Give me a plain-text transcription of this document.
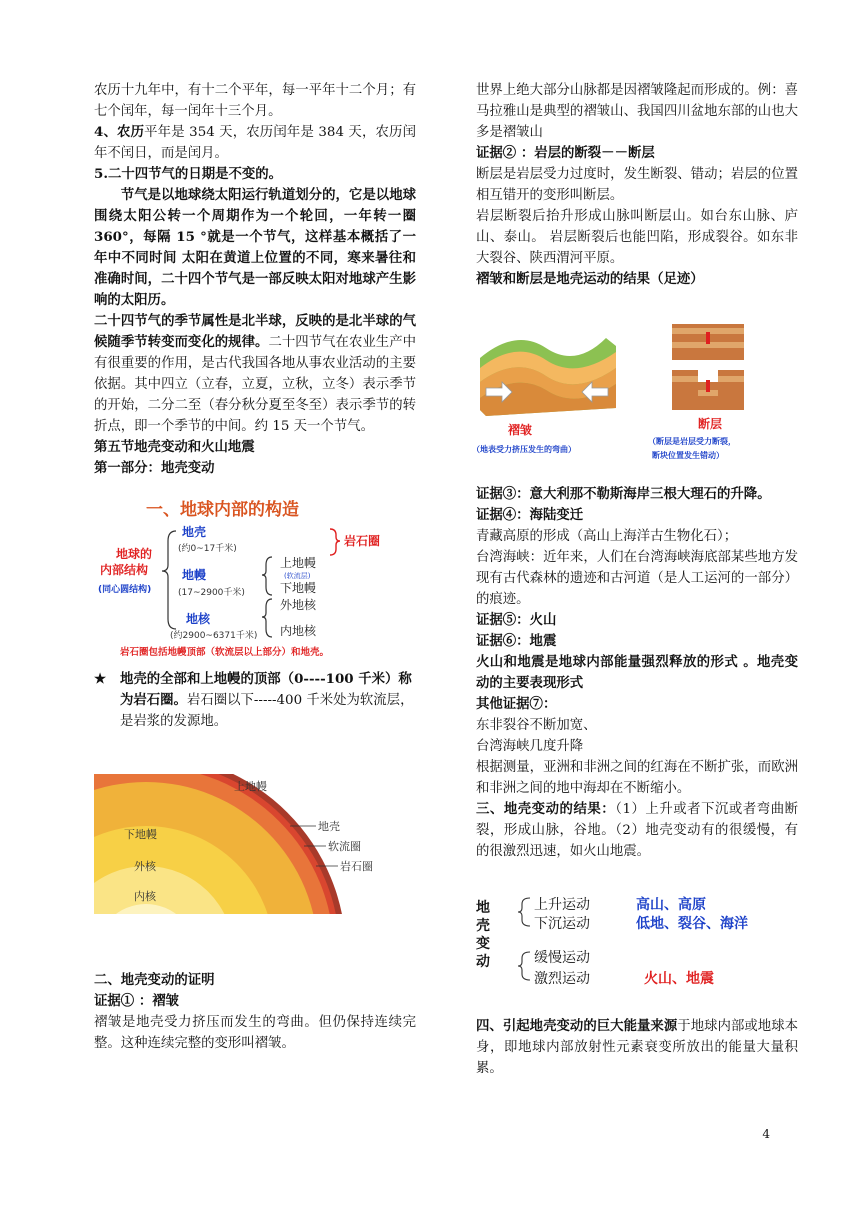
农历十九年中，有十二个平年，每一平年十二个月；有七个闰年，每一闰年十三个月。

4、农历平年是 354 天，农历闰年是 384 天，农历闰年不闰日，而是闰月。

5.二十四节气的日期是不变的。

节气是以地球绕太阳运行轨道划分的，它是以地球围绕太阳公转一个周期作为一个轮回，一年转一圈 360°，每隔 15 °就是一个节气，这样基本概括了一年中不同时间 太阳在黄道上位置的不同，寒来暑往和准确时间，二十四个节气是一部反映太阳对地球产生影响的太阳历。

二十四节气的季节属性是北半球，反映的是北半球的气候随季节转变而变化的规律。二十四节气在农业生产中有很重要的作用，是古代我国各地从事农业活动的主要依据。其中四立（立春，立夏，立秋，立冬）表示季节的开始，二分二至（春分秋分夏至冬至）表示季节的转折点，即一个季节的中间。约 15 天一个节气。

第五节地壳变动和火山地震

第一部分：地壳变动

一、地球内部的构造
地球的
内部结构
(同心圆结构)
地壳
(约0~17千米)
地幔
(17~2900千米)
地核
(约2900~6371千米)
上地幔
(软流层)
下地幔
外地核
内地核
岩石圈
岩石圈包括地幔顶部（软流层以上部分）和地壳。
★	地壳的全部和上地幔的顶部（0----100 千米）称为岩石圈。岩石圈以下-----400 千米处为软流层，是岩浆的发源地。
上地幔
下地幔
外核
内核
地壳
软流圈
岩石圈

二、地壳变动的证明

证据① ：褶皱

褶皱是地壳受力挤压而发生的弯曲。但仍保持连续完整。这种连续完整的变形叫褶皱。

世界上绝大部分山脉都是因褶皱隆起而形成的。例：喜马拉雅山是典型的褶皱山、我国四川盆地东部的山也大多是褶皱山

证据② ：岩层的断裂－－断层

断层是岩层受力过度时，发生断裂、错动；岩层的位置相互错开的变形叫断层。

岩层断裂后抬升形成山脉叫断层山。如台东山脉、庐山、泰山。 岩层断裂后也能凹陷，形成裂谷。如东非大裂谷、陕西渭河平原。

褶皱和断层是地壳运动的结果（足迹）

褶皱
（地表受力挤压发生的弯曲）
断层
（断层是岩层受力断裂，
断块位置发生错动）

证据③：意大利那不勒斯海岸三根大理石的升降。

证据④：海陆变迁

青藏高原的形成（高山上海洋古生物化石）；

台湾海峡：近年来，人们在台湾海峡海底部某些地方发现有古代森林的遗迹和古河道（是人工运河的一部分）的痕迹。

证据⑤：火山

证据⑥：地震

火山和地震是地球内部能量强烈释放的形式 。地壳变动的主要表现形式

其他证据⑦：

东非裂谷不断加宽、

台湾海峡几度升降

根据测量，亚洲和非洲之间的红海在不断扩张，而欧洲和非洲之间的地中海却在不断缩小。

三、地壳变动的结果：（1）上升或者下沉或者弯曲断裂，形成山脉，谷地。（2）地壳变动有的很缓慢，有的很激烈迅速，如火山地震。

地
壳
变
动
上升运动
下沉运动
高山、高原
低地、裂谷、海洋
缓慢运动
激烈运动	火山、地震

四、引起地壳变动的巨大能量来源于地球内部或地球本身，即地球内部放射性元素衰变所放出的能量大量积累。

4
